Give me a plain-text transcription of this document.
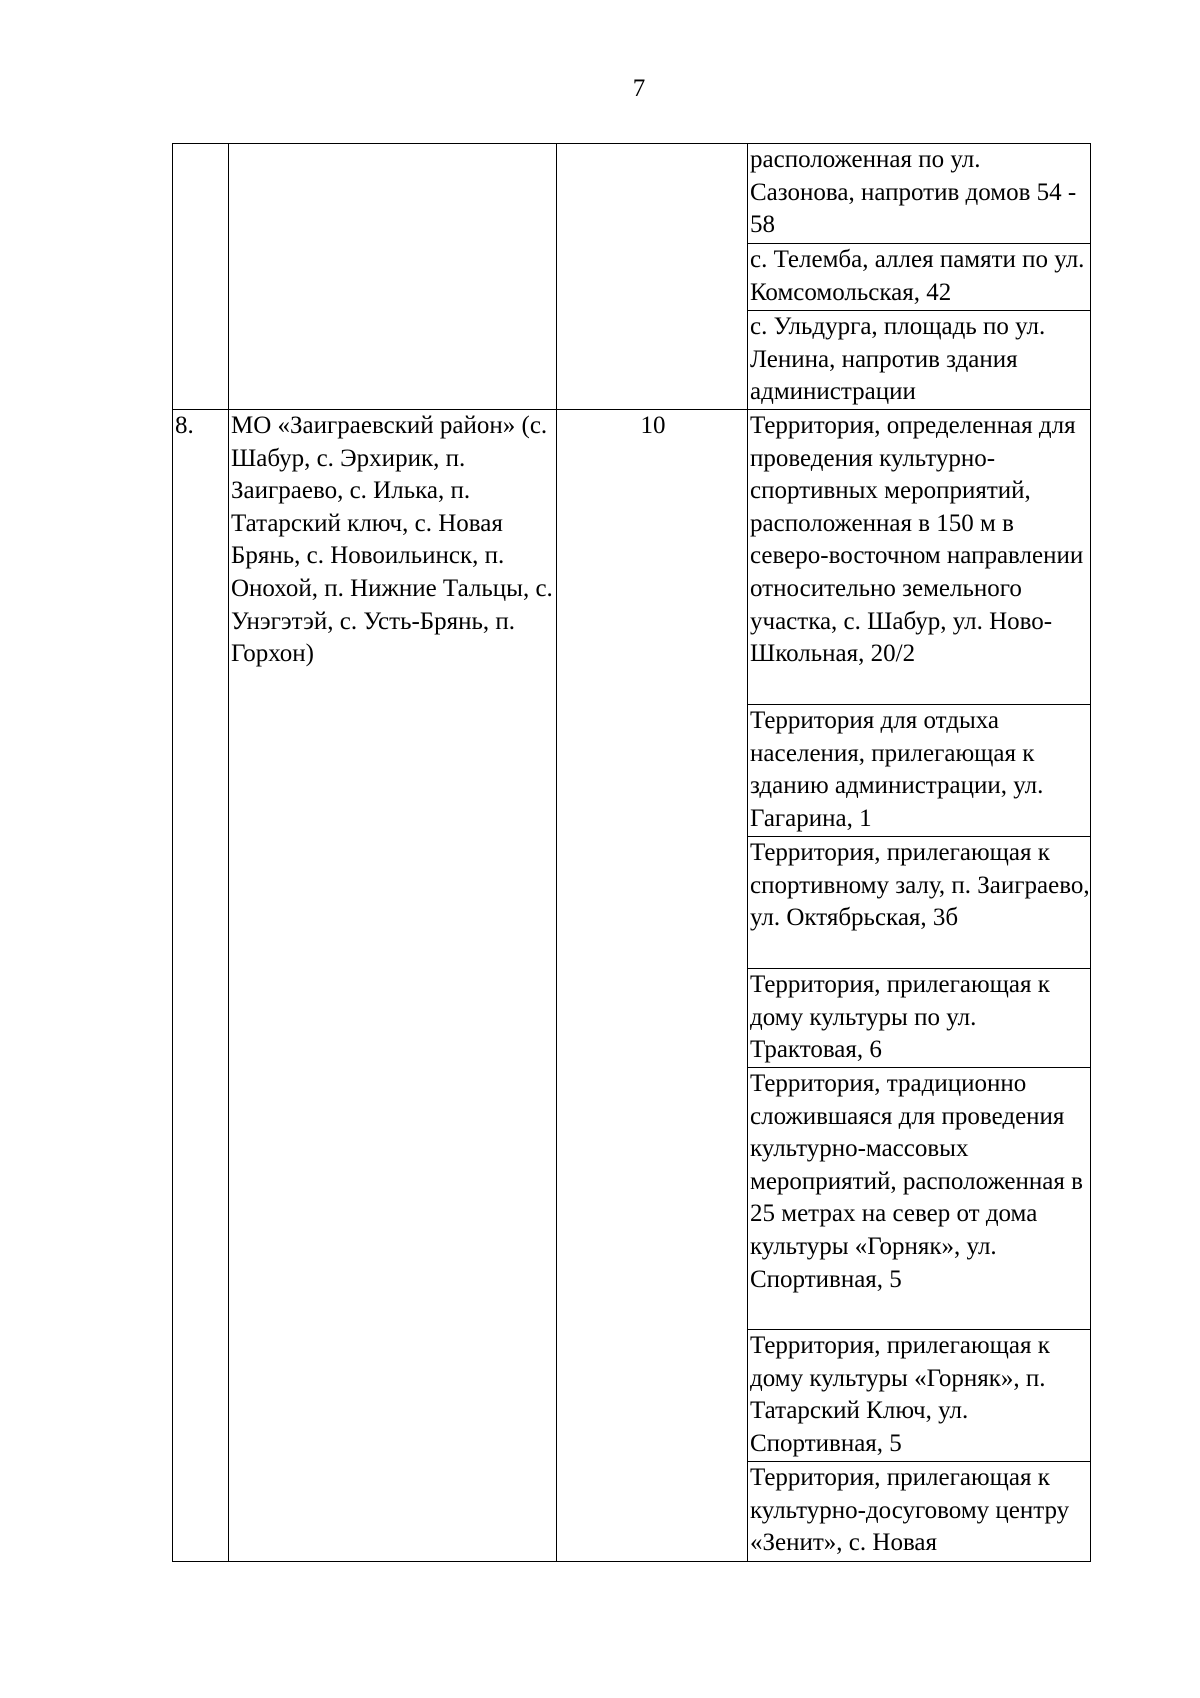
7
			расположенная по ул. Сазонова, напротив домов 54 - 58
			с. Телемба, аллея памяти по ул. Комсомольская, 42
			с. Ульдурга, площадь по ул. Ленина, напротив здания администрации
8.	МО «Заиграевский район» (с. Шабур, с. Эрхирик, п. Заиграево, с. Илька, п. Татарский ключ, с. Новая Брянь, с. Новоильинск, п. Онохой, п. Нижние Тальцы, с. Унэгэтэй, с. Усть-Брянь, п. Горхон)	10	Территория, определенная для проведения культурно-спортивных мероприятий, расположенная в 150 м в северо-восточном направлении относительно земельного участка, с. Шабур, ул. Ново-Школьная, 20/2
			Территория для отдыха населения, прилегающая к зданию администрации, ул. Гагарина, 1
			Территория, прилегающая к спортивному залу, п. Заиграево, ул. Октябрьская, 3б
			Территория, прилегающая к дому культуры по ул. Трактовая, 6
			Территория, традиционно сложившаяся для проведения культурно-массовых мероприятий, расположенная в 25 метрах на север от дома культуры «Горняк», ул. Спортивная, 5
			Территория, прилегающая к дому культуры «Горняк», п. Татарский Ключ, ул. Спортивная, 5
			Территория, прилегающая к культурно-досуговому центру «Зенит», с. Новая
